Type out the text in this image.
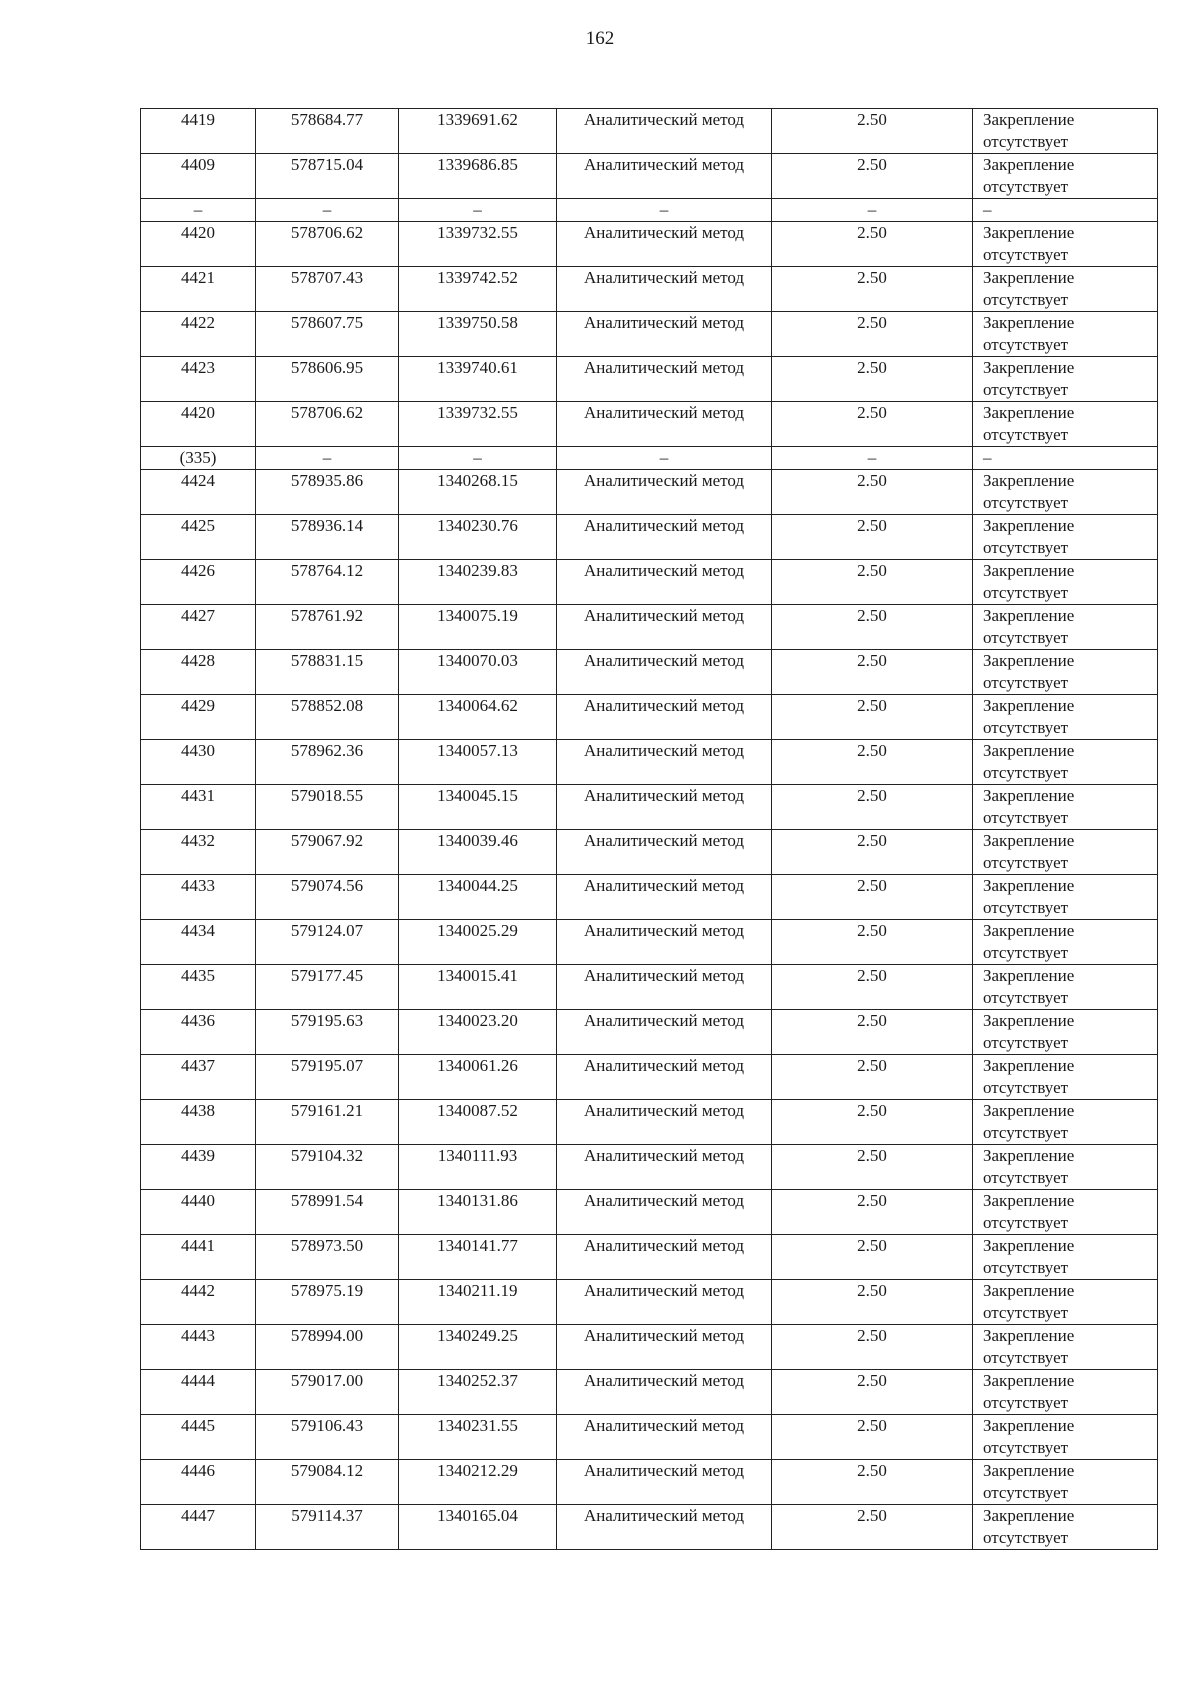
162
4419	578684.77	1339691.62	Аналитический метод	2.50	Закрепление отсутствует
4409	578715.04	1339686.85	Аналитический метод	2.50	Закрепление отсутствует
–	–	–	–	–	–
4420	578706.62	1339732.55	Аналитический метод	2.50	Закрепление отсутствует
4421	578707.43	1339742.52	Аналитический метод	2.50	Закрепление отсутствует
4422	578607.75	1339750.58	Аналитический метод	2.50	Закрепление отсутствует
4423	578606.95	1339740.61	Аналитический метод	2.50	Закрепление отсутствует
4420	578706.62	1339732.55	Аналитический метод	2.50	Закрепление отсутствует
(335)	–	–	–	–	–
4424	578935.86	1340268.15	Аналитический метод	2.50	Закрепление отсутствует
4425	578936.14	1340230.76	Аналитический метод	2.50	Закрепление отсутствует
4426	578764.12	1340239.83	Аналитический метод	2.50	Закрепление отсутствует
4427	578761.92	1340075.19	Аналитический метод	2.50	Закрепление отсутствует
4428	578831.15	1340070.03	Аналитический метод	2.50	Закрепление отсутствует
4429	578852.08	1340064.62	Аналитический метод	2.50	Закрепление отсутствует
4430	578962.36	1340057.13	Аналитический метод	2.50	Закрепление отсутствует
4431	579018.55	1340045.15	Аналитический метод	2.50	Закрепление отсутствует
4432	579067.92	1340039.46	Аналитический метод	2.50	Закрепление отсутствует
4433	579074.56	1340044.25	Аналитический метод	2.50	Закрепление отсутствует
4434	579124.07	1340025.29	Аналитический метод	2.50	Закрепление отсутствует
4435	579177.45	1340015.41	Аналитический метод	2.50	Закрепление отсутствует
4436	579195.63	1340023.20	Аналитический метод	2.50	Закрепление отсутствует
4437	579195.07	1340061.26	Аналитический метод	2.50	Закрепление отсутствует
4438	579161.21	1340087.52	Аналитический метод	2.50	Закрепление отсутствует
4439	579104.32	1340111.93	Аналитический метод	2.50	Закрепление отсутствует
4440	578991.54	1340131.86	Аналитический метод	2.50	Закрепление отсутствует
4441	578973.50	1340141.77	Аналитический метод	2.50	Закрепление отсутствует
4442	578975.19	1340211.19	Аналитический метод	2.50	Закрепление отсутствует
4443	578994.00	1340249.25	Аналитический метод	2.50	Закрепление отсутствует
4444	579017.00	1340252.37	Аналитический метод	2.50	Закрепление отсутствует
4445	579106.43	1340231.55	Аналитический метод	2.50	Закрепление отсутствует
4446	579084.12	1340212.29	Аналитический метод	2.50	Закрепление отсутствует
4447	579114.37	1340165.04	Аналитический метод	2.50	Закрепление отсутствует
